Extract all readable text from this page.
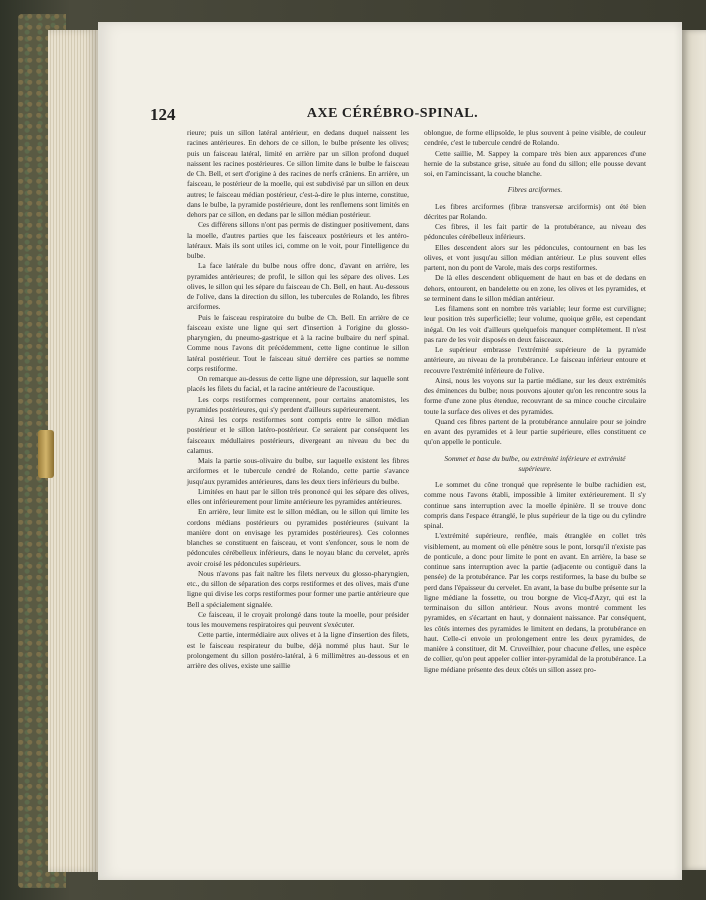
124	AXE CÉRÉBRO-SPINAL.

rieure; puis un sillon latéral antérieur, en dedans duquel naissent les racines antérieures. En dehors de ce sillon, le bulbe présente les olives; puis un faisceau latéral, limité en arrière par un sillon profond duquel naissent les racines postérieures. Ce sillon limite dans le bulbe le faisceau de Ch. Bell, et sert d'origine à des racines de nerfs crâniens. En arrière, un faisceau, le postérieur de la moelle, qui est subdivisé par un sillon en deux autres; le faisceau médian postérieur, c'est-à-dire le plus interne, constitue, dans le bulbe, la pyramide postérieure, dont les renflemens sont limités en dehors par ce sillon, en dedans par le sillon médian postérieur.

Ces différens sillons n'ont pas permis de distinguer positivement, dans la moelle, d'autres parties que les faisceaux postérieurs et les antéro-latéraux. Mais ils sont utiles ici, comme on le voit, pour l'intelligence du bulbe.

La face latérale du bulbe nous offre donc, d'avant en arrière, les pyramides antérieures; de profil, le sillon qui les sépare des olives. Les olives, le sillon qui les sépare du faisceau de Ch. Bell, en haut. Au-dessous de l'olive, dans la direction du sillon, les tubercules de Rolando, les fibres arciformes.

Puis le faisceau respiratoire du bulbe de Ch. Bell. En arrière de ce faisceau existe une ligne qui sert d'insertion à l'origine du glosso-pharyngien, du pneumo-gastrique et à la racine bulbaire du nerf spinal. Comme nous l'avons dit précédemment, cette ligne continue le sillon latéral postérieur. Tout le faisceau situé derrière ces parties se nomme corps restiforme.

On remarque au-dessus de cette ligne une dépression, sur laquelle sont placés les filets du facial, et la racine antérieure de l'acoustique.

Les corps restiformes comprennent, pour certains anatomistes, les pyramides postérieures, qui s'y perdent d'ailleurs supérieurement.

Ainsi les corps restiformes sont compris entre le sillon médian postérieur et le sillon latéro-postérieur. Ce seraient par conséquent les faisceaux médullaires postérieurs, divergeant au niveau du bec du calamus.

Mais la partie sous-olivaire du bulbe, sur laquelle existent les fibres arciformes et le tubercule cendré de Rolando, cette partie s'avance jusqu'aux pyramides antérieures, dans les deux tiers inférieurs du bulbe.

Limitées en haut par le sillon très prononcé qui les sépare des olives, elles ont inférieurement pour limite antérieure les pyramides antérieures.

En arrière, leur limite est le sillon médian, ou le sillon qui limite les cordons médians postérieurs ou pyramides postérieures (suivant la manière dont on envisage les pyramides postérieures). Ces colonnes blanches se constituent en faisceau, et vont s'enfoncer, sous le nom de pédoncules cérébelleux inférieurs, dans le noyau blanc du cervelet, après avoir croisé les pédoncules supérieurs.

Nous n'avons pas fait naître les filets nerveux du glosso-pharyngien, etc., du sillon de séparation des corps restiformes et des olives, mais d'une ligne qui divise les corps restiformes pour former une partie antérieure que Bell a spécialement signalée.

Ce faisceau, il le croyait prolongé dans toute la moelle, pour présider tous les mouvemens respiratoires qui peuvent s'exécuter.

Cette partie, intermédiaire aux olives et à la ligne d'insertion des filets, est le faisceau respirateur du bulbe, déjà nommé plus haut. Sur le prolongement du sillon postéro-latéral, à 6 millimètres au-dessous et en arrière des olives, existe une saillie

oblongue, de forme ellipsoïde, le plus souvent à peine visible, de couleur cendrée, c'est le tubercule cendré de Rolando.

Cette saillie, M. Sappey la compare très bien aux apparences d'une hernie de la substance grise, située au fond du sillon; elle pousse devant soi, en l'amincissant, la couche blanche.

Fibres arciformes.

Les fibres arciformes (fibræ transversæ arciformis) ont été bien décrites par Rolando.

Ces fibres, il les fait partir de la protubérance, au niveau des pédoncules cérébelleux inférieurs.

Elles descendent alors sur les pédoncules, contournent en bas les olives, et vont jusqu'au sillon médian antérieur. Le plus souvent elles partent, non du pont de Varole, mais des corps restiformes.

De là elles descendent obliquement de haut en bas et de dedans en dehors, entourent, en bandelette ou en zone, les olives et les pyramides, et se terminent dans le sillon médian antérieur.

Les filamens sont en nombre très variable; leur forme est curviligne; leur position très superficielle; leur volume, quoique grêle, est cependant inégal. On les voit d'ailleurs quelquefois manquer complètement. Il n'est pas rare de les voir disposés en deux faisceaux.

Le supérieur embrasse l'extrémité supérieure de la pyramide antérieure, au niveau de la protubérance. Le faisceau inférieur entoure et recouvre l'extrémité inférieure de l'olive.

Ainsi, nous les voyons sur la partie médiane, sur les deux extrémités des éminences du bulbe; nous pouvons ajouter qu'on les rencontre sous la forme d'une zone plus étendue, recouvrant de sa mince couche circulaire toute la surface des olives et des pyramides.

Quand ces fibres partent de la protubérance annulaire pour se joindre en avant des pyramides et à leur partie supérieure, elles constituent ce qu'on appelle le ponticule.

Sommet et base du bulbe, ou extrémité inférieure et extrémité supérieure.

Le sommet du cône tronqué que représente le bulbe rachidien est, comme nous l'avons établi, impossible à limiter extérieurement. Il s'y continue sans interruption avec la moelle épinière. Il se trouve donc compris dans l'espace étranglé, le plus supérieur de la tige ou du cylindre spinal.

L'extrémité supérieure, renflée, mais étranglée en collet très visiblement, au moment où elle pénètre sous le pont, lorsqu'il n'existe pas de ponticule, a donc pour limite le pont en avant. En arrière, la base se continue sans interruption avec la partie (adjacente ou contiguë dans la pensée) de la protubérance. Par les corps restiformes, la base du bulbe se perd dans l'épaisseur du cervelet. En avant, la base du bulbe présente sur la ligne médiane la fossette, ou trou borgne de Vicq-d'Azyr, qui est la terminaison du sillon antérieur. Nous avons montré comment les pyramides, en s'écartant en haut, y donnaient naissance. Par conséquent, les côtés internes des pyramides le limitent en dedans, la protubérance en haut. Celle-ci envoie un prolongement entre les deux pyramides, de manière à constituer, dit M. Cruveilhier, pour chacune d'elles, une espèce de collier, qu'on peut appeler collier inter-pyramidal de la protubérance. La ligne médiane présente des deux côtés un sillon assez pro-
